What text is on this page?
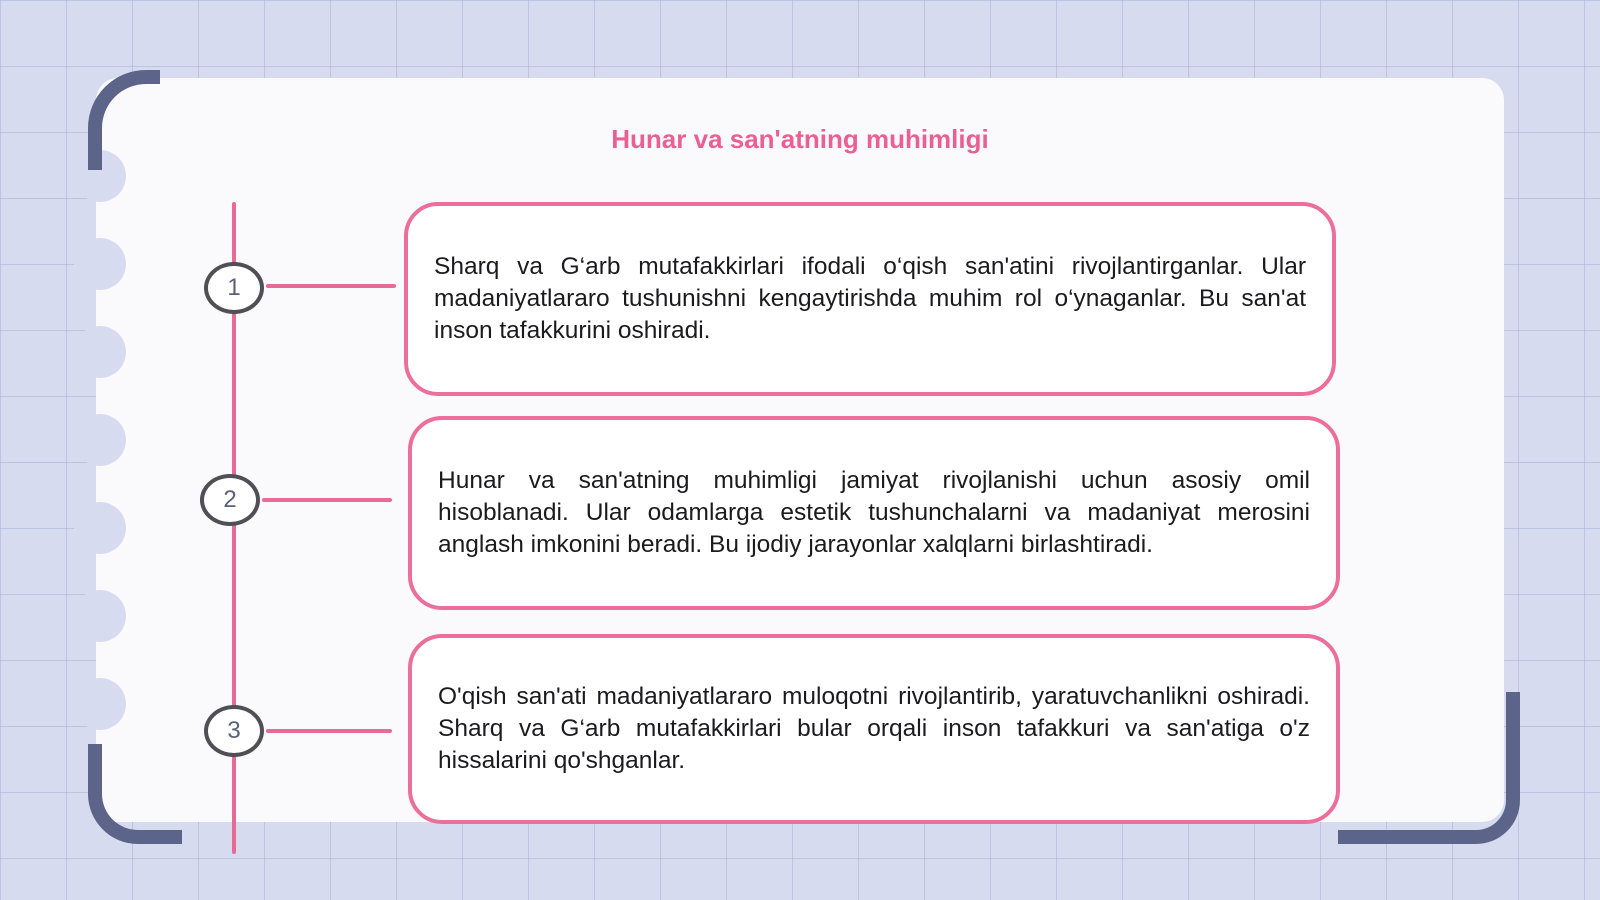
Hunar va san'atning muhimligi
1
2
3

Sharq va G‘arb mutafakkirlari ifodali o‘qish san'atini rivojlantirganlar. Ular madaniyatlararo tushunishni kengaytirishda muhim rol o‘ynaganlar. Bu san'at inson tafakkurini oshiradi.

Hunar va san'atning muhimligi jamiyat rivojlanishi uchun asosiy omil hisoblanadi. Ular odamlarga estetik tushunchalarni va madaniyat merosini anglash imkonini beradi. Bu ijodiy jarayonlar xalqlarni birlashtiradi.

O'qish san'ati madaniyatlararo muloqotni rivojlantirib, yaratuvchanlikni oshiradi. Sharq va G‘arb mutafakkirlari bular orqali inson tafakkuri va san'atiga o'z hissalarini qo'shganlar.
